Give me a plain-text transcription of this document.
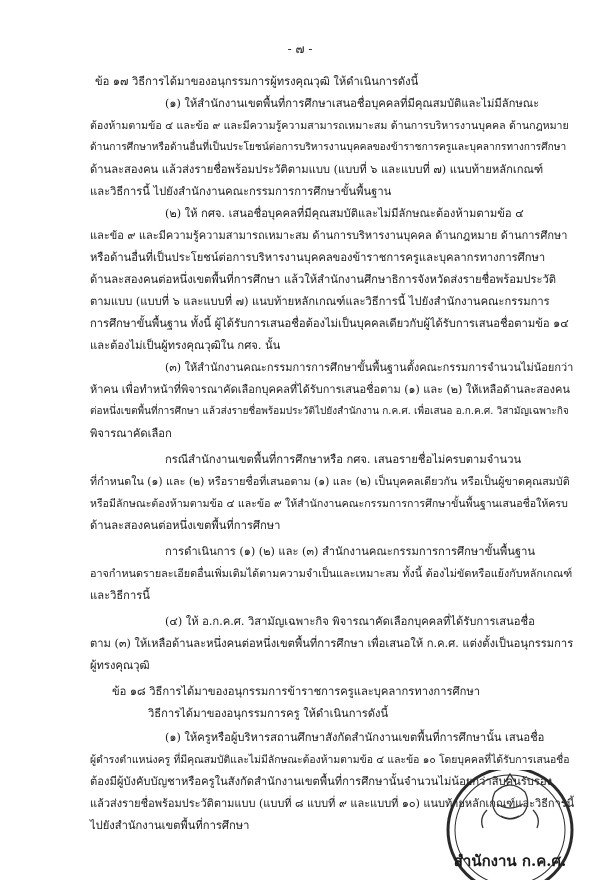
- ๗ -
ข้อ ๑๗ วิธีการได้มาของอนุกรรมการผู้ทรงคุณวุฒิ ให้ดำเนินการดังนี้
(๑) ให้สำนักงานเขตพื้นที่การศึกษาเสนอชื่อบุคคลที่มีคุณสมบัติและไม่มีลักษณะ
ต้องห้ามตามข้อ ๔ และข้อ ๙ และมีความรู้ความสามารถเหมาะสม ด้านการบริหารงานบุคคล ด้านกฎหมาย
ด้านการศึกษาหรือด้านอื่นที่เป็นประโยชน์ต่อการบริหารงานบุคคลของข้าราชการครูและบุคลากรทางการศึกษา
ด้านละสองคน แล้วส่งรายชื่อพร้อมประวัติตามแบบ (แบบที่ ๖ และแบบที่ ๗) แนบท้ายหลักเกณฑ์
และวิธีการนี้ ไปยังสำนักงานคณะกรรมการการศึกษาขั้นพื้นฐาน
(๒) ให้ กศจ. เสนอชื่อบุคคลที่มีคุณสมบัติและไม่มีลักษณะต้องห้ามตามข้อ ๔
และข้อ ๙ และมีความรู้ความสามารถเหมาะสม ด้านการบริหารงานบุคคล ด้านกฎหมาย ด้านการศึกษา
หรือด้านอื่นที่เป็นประโยชน์ต่อการบริหารงานบุคคลของข้าราชการครูและบุคลากรทางการศึกษา
ด้านละสองคนต่อหนึ่งเขตพื้นที่การศึกษา แล้วให้สำนักงานศึกษาธิการจังหวัดส่งรายชื่อพร้อมประวัติ
ตามแบบ (แบบที่ ๖ และแบบที่ ๗) แนบท้ายหลักเกณฑ์และวิธีการนี้ ไปยังสำนักงานคณะกรรมการ
การศึกษาขั้นพื้นฐาน ทั้งนี้ ผู้ได้รับการเสนอชื่อต้องไม่เป็นบุคคลเดียวกับผู้ได้รับการเสนอชื่อตามข้อ ๑๔
และต้องไม่เป็นผู้ทรงคุณวุฒิใน กศจ. นั้น
(๓) ให้สำนักงานคณะกรรมการการศึกษาขั้นพื้นฐานตั้งคณะกรรมการจำนวนไม่น้อยกว่า
ห้าคน เพื่อทำหน้าที่พิจารณาคัดเลือกบุคคลที่ได้รับการเสนอชื่อตาม (๑) และ (๒) ให้เหลือด้านละสองคน
ต่อหนึ่งเขตพื้นที่การศึกษา แล้วส่งรายชื่อพร้อมประวัติไปยังสำนักงาน ก.ค.ศ. เพื่อเสนอ อ.ก.ค.ศ. วิสามัญเฉพาะกิจ
พิจารณาคัดเลือก
กรณีสำนักงานเขตพื้นที่การศึกษาหรือ กศจ. เสนอรายชื่อไม่ครบตามจำนวน
ที่กำหนดใน (๑) และ (๒) หรือรายชื่อที่เสนอตาม (๑) และ (๒) เป็นบุคคลเดียวกัน หรือเป็นผู้ขาดคุณสมบัติ
หรือมีลักษณะต้องห้ามตามข้อ ๔ และข้อ ๙ ให้สำนักงานคณะกรรมการการศึกษาขั้นพื้นฐานเสนอชื่อให้ครบ
ด้านละสองคนต่อหนึ่งเขตพื้นที่การศึกษา
การดำเนินการ (๑) (๒) และ (๓) สำนักงานคณะกรรมการการศึกษาขั้นพื้นฐาน
อาจกำหนดรายละเอียดอื่นเพิ่มเติมได้ตามความจำเป็นและเหมาะสม ทั้งนี้ ต้องไม่ขัดหรือแย้งกับหลักเกณฑ์
และวิธีการนี้
(๔) ให้ อ.ก.ค.ศ. วิสามัญเฉพาะกิจ พิจารณาคัดเลือกบุคคลที่ได้รับการเสนอชื่อ
ตาม (๓) ให้เหลือด้านละหนึ่งคนต่อหนึ่งเขตพื้นที่การศึกษา เพื่อเสนอให้ ก.ค.ศ. แต่งตั้งเป็นอนุกรรมการ
ผู้ทรงคุณวุฒิ
ข้อ ๑๘ วิธีการได้มาของอนุกรรมการข้าราชการครูและบุคลากรทางการศึกษา
วิธีการได้มาของอนุกรรมการครู ให้ดำเนินการดังนี้
(๑) ให้ครูหรือผู้บริหารสถานศึกษาสังกัดสำนักงานเขตพื้นที่การศึกษานั้น เสนอชื่อ
ผู้ดำรงตำแหน่งครู ที่มีคุณสมบัติและไม่มีลักษณะต้องห้ามตามข้อ ๔ และข้อ ๑๐ โดยบุคคลที่ได้รับการเสนอชื่อ
ต้องมีผู้บังคับบัญชาหรือครูในสังกัดสำนักงานเขตพื้นที่การศึกษานั้นจำนวนไม่น้อยกว่าสิบคนรับรอง
แล้วส่งรายชื่อพร้อมประวัติตามแบบ (แบบที่ ๘ แบบที่ ๙ และแบบที่ ๑๐) แนบท้ายหลักเกณฑ์และวิธีการนี้
ไปยังสำนักงานเขตพื้นที่การศึกษา
สำนักงาน ก.ค.ศ.
